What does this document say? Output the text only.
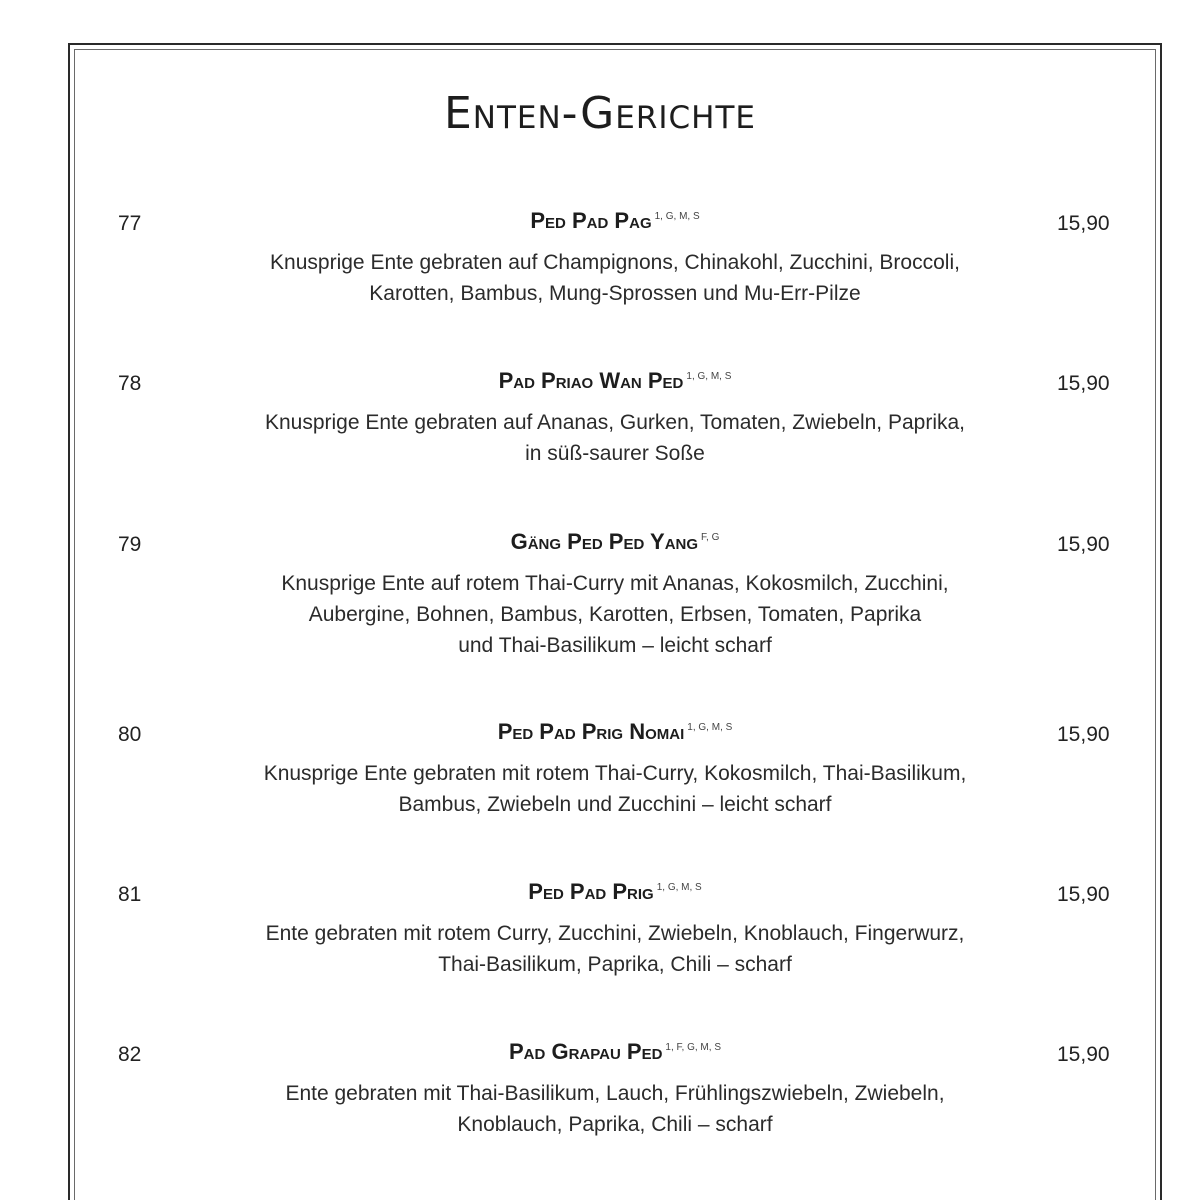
Enten-Gerichte
77	Ped Pad Pag $^{1, G, M, S}$	15,90
Knusprige Ente gebraten auf Champignons, Chinakohl, Zucchini, Broccoli,
Karotten, Bambus, Mung-Sprossen und Mu-Err-Pilze
78	Pad Priao Wan Ped $^{1, G, M, S}$	15,90
Knusprige Ente gebraten auf Ananas, Gurken, Tomaten, Zwiebeln, Paprika,
in süß-saurer Soße
79	Gäng Ped Ped Yang $^{F, G}$	15,90
Knusprige Ente auf rotem Thai-Curry mit Ananas, Kokosmilch, Zucchini,
Aubergine, Bohnen, Bambus, Karotten, Erbsen, Tomaten, Paprika
und Thai-Basilikum – leicht scharf
80	Ped Pad Prig Nomai $^{1, G, M, S}$	15,90
Knusprige Ente gebraten mit rotem Thai-Curry, Kokosmilch, Thai-Basilikum,
Bambus, Zwiebeln und Zucchini – leicht scharf
81	Ped Pad Prig $^{1, G, M, S}$	15,90
Ente gebraten mit rotem Curry, Zucchini, Zwiebeln, Knoblauch, Fingerwurz,
Thai-Basilikum, Paprika, Chili – scharf
82	Pad Grapau Ped $^{1, F, G, M, S}$	15,90
Ente gebraten mit Thai-Basilikum, Lauch, Frühlingszwiebeln, Zwiebeln,
Knoblauch, Paprika, Chili – scharf
